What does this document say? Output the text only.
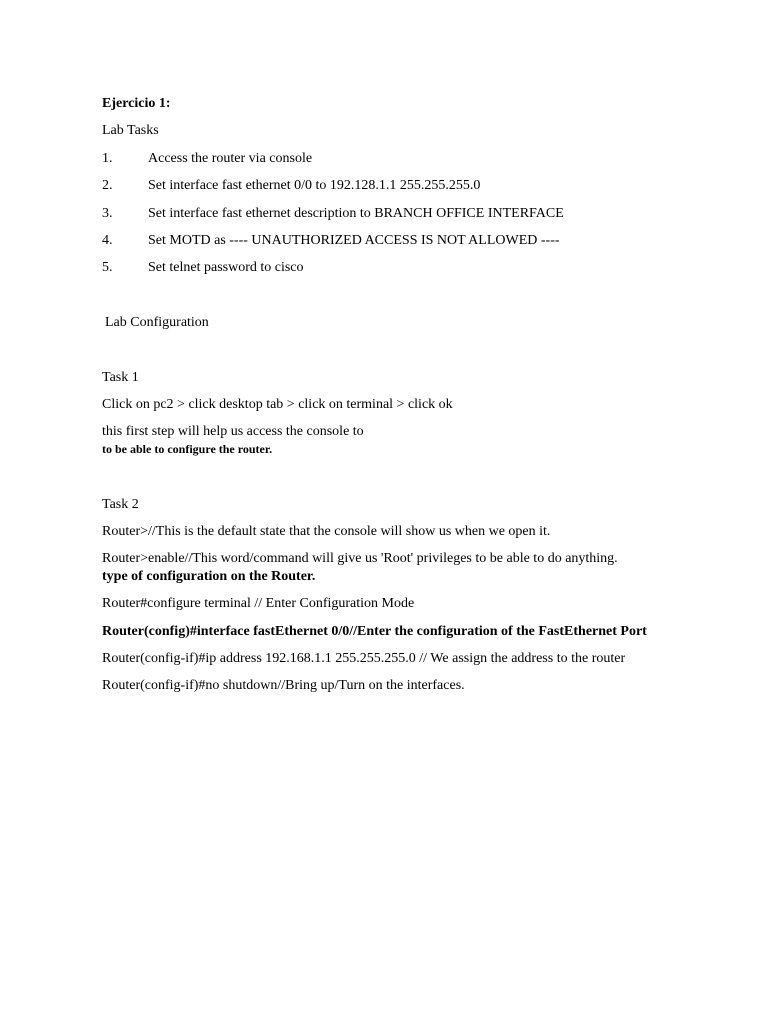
Ejercicio 1:
Lab Tasks
1.	Access the router via console
2.	Set interface fast ethernet 0/0 to 192.128.1.1 255.255.255.0
3.	Set interface fast ethernet description to BRANCH OFFICE INTERFACE
4.	Set MOTD as ---- UNAUTHORIZED ACCESS IS NOT ALLOWED ----
5.	Set telnet password to cisco
Lab Configuration
Task 1
Click on pc2 > click desktop tab > click on terminal > click ok
this first step will help us access the console to
to be able to configure the router.
Task 2
Router>//This is the default state that the console will show us when we open it.
Router>enable//This word/command will give us 'Root' privileges to be able to do anything.
type of configuration on the Router.
Router#configure terminal // Enter Configuration Mode
Router(config)#interface fastEthernet 0/0//Enter the configuration of the FastEthernet Port
Router(config-if)#ip address 192.168.1.1 255.255.255.0 // We assign the address to the router
Router(config-if)#no shutdown//Bring up/Turn on the interfaces.
